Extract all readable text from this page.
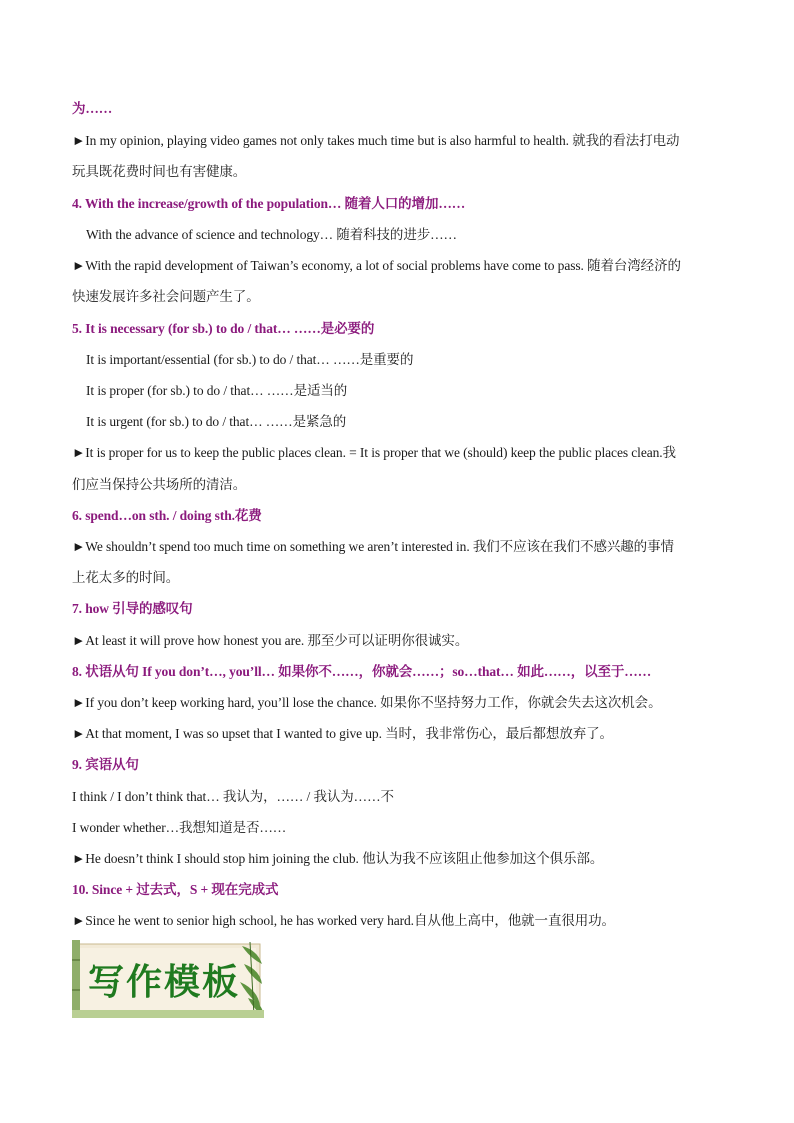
为……
►In my opinion, playing video games not only takes much time but is also harmful to health. 就我的看法打电动
玩具既花费时间也有害健康。
4. With the increase/growth of the population… 随着人口的增加……
With the advance of science and technology… 随着科技的进步……
►With the rapid development of Taiwan’s economy, a lot of social problems have come to pass. 随着台湾经济的
快速发展许多社会问题产生了。
5. It is necessary (for sb.) to do / that… ……是必要的
It is important/essential (for sb.) to do / that… ……是重要的
It is proper (for sb.) to do / that… ……是适当的
It is urgent (for sb.) to do / that… ……是紧急的
►It is proper for us to keep the public places clean. = It is proper that we (should) keep the public places clean.我
们应当保持公共场所的清洁。
6. spend…on sth. / doing sth.花费
►We shouldn’t spend too much time on something we aren’t interested in. 我们不应该在我们不感兴趣的事情
上花太多的时间。
7. how 引导的感叹句
►At least it will prove how honest you are. 那至少可以证明你很诚实。
8. 状语从句 If you don’t…, you’ll… 如果你不……，你就会……；so…that… 如此……，以至于……
►If you don’t keep working hard, you’ll lose the chance. 如果你不坚持努力工作，你就会失去这次机会。
►At that moment, I was so upset that I wanted to give up. 当时，我非常伤心，最后都想放弃了。
9. 宾语从句
I think / I don’t think that… 我认为，…… / 我认为……不
I wonder whether…我想知道是否……
►He doesn’t think I should stop him joining the club. 他认为我不应该阻止他参加这个俱乐部。
10. Since + 过去式，S + 现在完成式
►Since he went to senior high school, he has worked very hard.自从他上高中，他就一直很用功。
写作模板
